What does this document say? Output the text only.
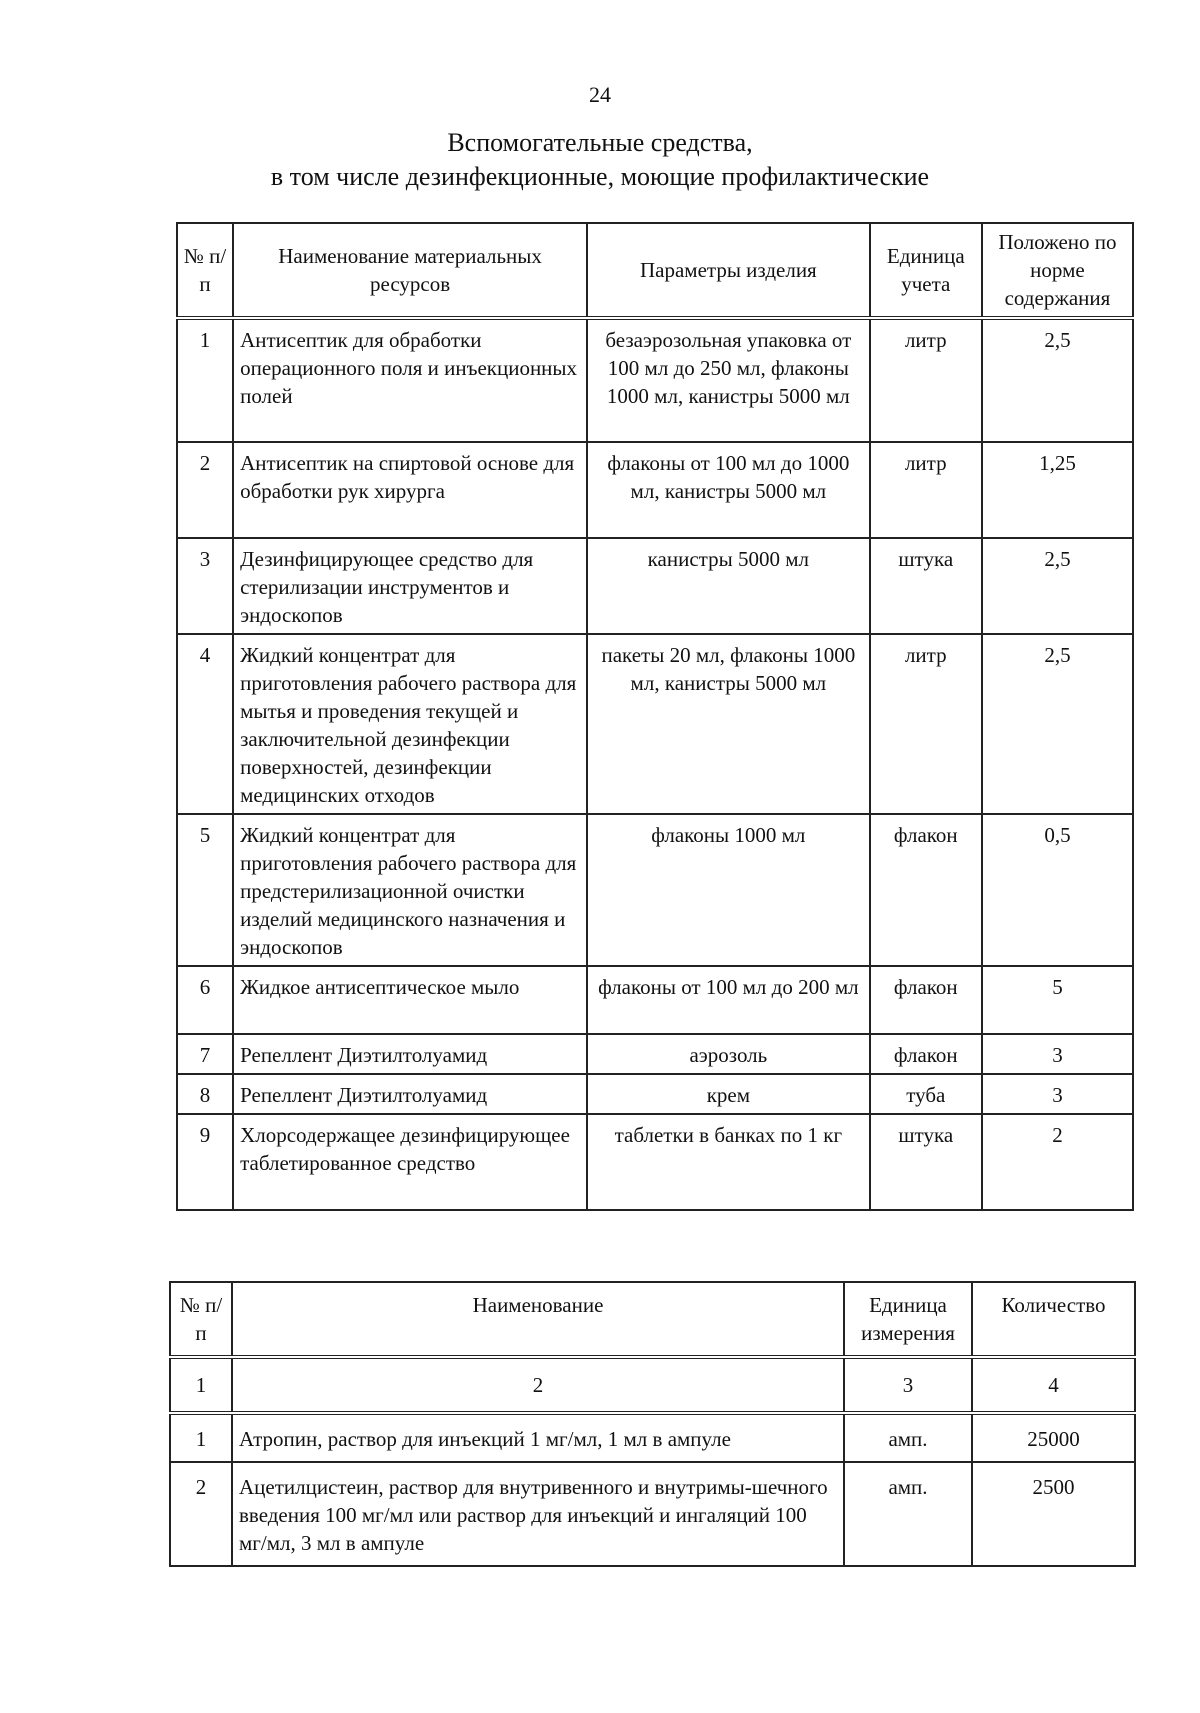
24
Вспомогательные средства,
в том числе дезинфекционные, моющие профилактические
№ п/п	Наименование материальных ресурсов	Параметры изделия	Единица учета	Положено по норме содержания
1	Антисептик для обработки операционного поля и инъекционных полей	безаэрозольная упаковка от 100 мл до 250 мл, флаконы 1000 мл, канистры 5000 мл	литр	2,5
2	Антисептик на спиртовой основе для обработки рук хирурга	флаконы от 100 мл до 1000 мл, канистры 5000 мл	литр	1,25
3	Дезинфицирующее средство для стерилизации инструментов и эндоскопов	канистры 5000 мл	штука	2,5
4	Жидкий концентрат для приготовления рабочего раствора для мытья и проведения текущей и заключительной дезинфекции поверхностей, дезинфекции медицинских отходов	пакеты 20 мл, флаконы 1000 мл, канистры 5000 мл	литр	2,5
5	Жидкий концентрат для приготовления рабочего раствора для предстерилизационной очистки изделий медицинского назначения и эндоскопов	флаконы 1000 мл	флакон	0,5
6	Жидкое антисептическое мыло	флаконы от 100 мл до 200 мл	флакон	5
7	Репеллент Диэтилтолуамид	аэрозоль	флакон	3
8	Репеллент Диэтилтолуамид	крем	туба	3
9	Хлорсодержащее дезинфицирующее таблетированное средство	таблетки в банках по 1 кг	штука	2
№ п/п	Наименование	Единица измерения	Количество
1	2	3	4
1	Атропин, раствор для инъекций 1 мг/мл, 1 мл в ампуле	амп.	25000
2	Ацетилцистеин, раствор для внутривенного и внутримы-шечного введения 100 мг/мл или раствор для инъекций и ингаляций 100 мг/мл, 3 мл в ампуле	амп.	2500
